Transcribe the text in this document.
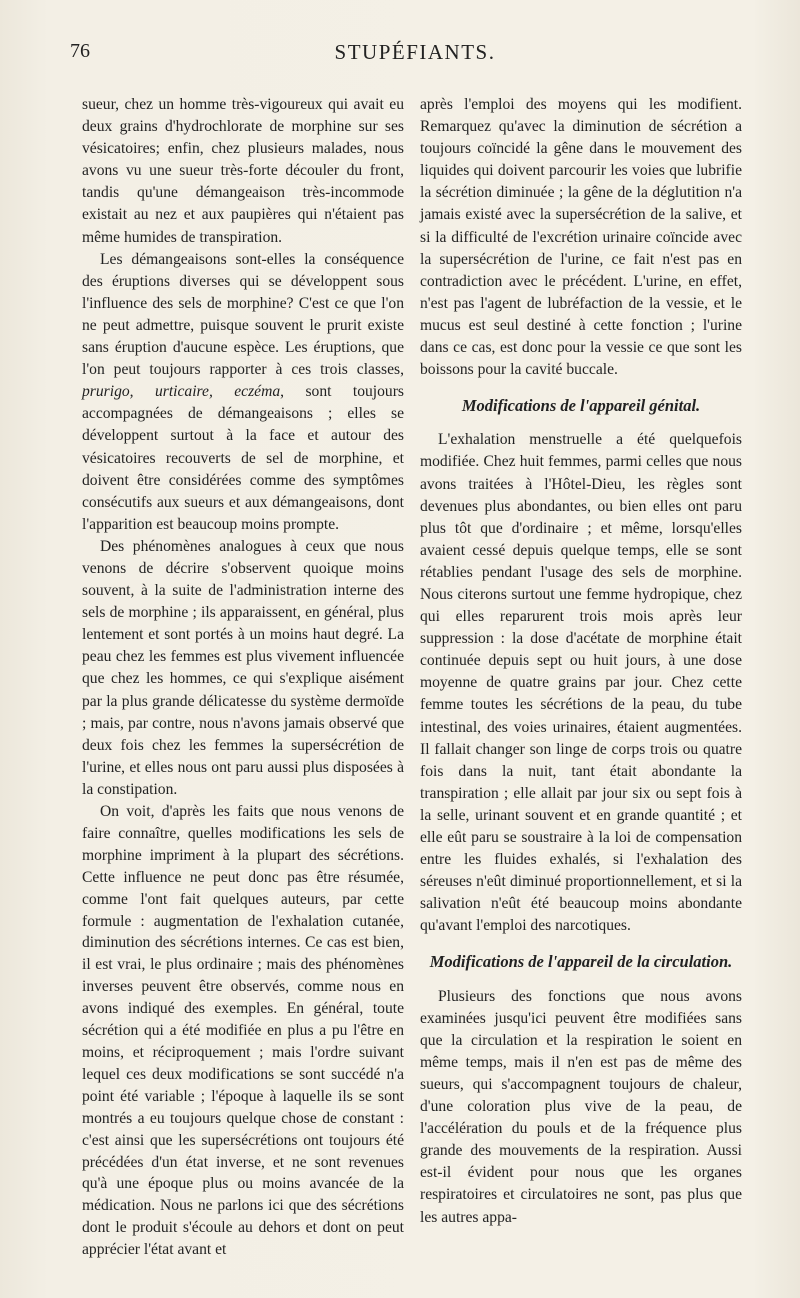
76	STUPÉFIANTS.

sueur, chez un homme très-vigoureux qui avait eu deux grains d'hydrochlorate de morphine sur ses vésicatoires; enfin, chez plusieurs malades, nous avons vu une sueur très-forte découler du front, tandis qu'une démangeaison très-incommode existait au nez et aux paupières qui n'étaient pas même humides de transpiration.

Les démangeaisons sont-elles la conséquence des éruptions diverses qui se développent sous l'influence des sels de morphine? C'est ce que l'on ne peut admettre, puisque souvent le prurit existe sans éruption d'aucune espèce. Les éruptions, que l'on peut toujours rapporter à ces trois classes, prurigo, urticaire, eczéma, sont toujours accompagnées de démangeaisons ; elles se développent surtout à la face et autour des vésicatoires recouverts de sel de morphine, et doivent être considérées comme des symptômes consécutifs aux sueurs et aux démangeaisons, dont l'apparition est beaucoup moins prompte.

Des phénomènes analogues à ceux que nous venons de décrire s'observent quoique moins souvent, à la suite de l'administration interne des sels de morphine ; ils apparaissent, en général, plus lentement et sont portés à un moins haut degré. La peau chez les femmes est plus vivement influencée que chez les hommes, ce qui s'explique aisément par la plus grande délicatesse du système dermoïde ; mais, par contre, nous n'avons jamais observé que deux fois chez les femmes la supersécrétion de l'urine, et elles nous ont paru aussi plus disposées à la constipation.

On voit, d'après les faits que nous venons de faire connaître, quelles modifications les sels de morphine impriment à la plupart des sécrétions. Cette influence ne peut donc pas être résumée, comme l'ont fait quelques auteurs, par cette formule : augmentation de l'exhalation cutanée, diminution des sécrétions internes. Ce cas est bien, il est vrai, le plus ordinaire ; mais des phénomènes inverses peuvent être observés, comme nous en avons indiqué des exemples. En général, toute sécrétion qui a été modifiée en plus a pu l'être en moins, et réciproquement ; mais l'ordre suivant lequel ces deux modifications se sont succédé n'a point été variable ; l'époque à laquelle ils se sont montrés a eu toujours quelque chose de constant : c'est ainsi que les supersécrétions ont toujours été précédées d'un état inverse, et ne sont revenues qu'à une époque plus ou moins avancée de la médication. Nous ne parlons ici que des sécrétions dont le produit s'écoule au dehors et dont on peut apprécier l'état avant et

après l'emploi des moyens qui les modifient. Remarquez qu'avec la diminution de sécrétion a toujours coïncidé la gêne dans le mouvement des liquides qui doivent parcourir les voies que lubrifie la sécrétion diminuée ; la gêne de la déglutition n'a jamais existé avec la supersécrétion de la salive, et si la difficulté de l'excrétion urinaire coïncide avec la supersécrétion de l'urine, ce fait n'est pas en contradiction avec le précédent. L'urine, en effet, n'est pas l'agent de lubréfaction de la vessie, et le mucus est seul destiné à cette fonction ; l'urine dans ce cas, est donc pour la vessie ce que sont les boissons pour la cavité buccale.

Modifications de l'appareil génital.

L'exhalation menstruelle a été quelquefois modifiée. Chez huit femmes, parmi celles que nous avons traitées à l'Hôtel-Dieu, les règles sont devenues plus abondantes, ou bien elles ont paru plus tôt que d'ordinaire ; et même, lorsqu'elles avaient cessé depuis quelque temps, elle se sont rétablies pendant l'usage des sels de morphine. Nous citerons surtout une femme hydropique, chez qui elles reparurent trois mois après leur suppression : la dose d'acétate de morphine était continuée depuis sept ou huit jours, à une dose moyenne de quatre grains par jour. Chez cette femme toutes les sécrétions de la peau, du tube intestinal, des voies urinaires, étaient augmentées. Il fallait changer son linge de corps trois ou quatre fois dans la nuit, tant était abondante la transpiration ; elle allait par jour six ou sept fois à la selle, urinant souvent et en grande quantité ; et elle eût paru se soustraire à la loi de compensation entre les fluides exhalés, si l'exhalation des séreuses n'eût diminué proportionnellement, et si la salivation n'eût été beaucoup moins abondante qu'avant l'emploi des narcotiques.

Modifications de l'appareil de la circulation.

Plusieurs des fonctions que nous avons examinées jusqu'ici peuvent être modifiées sans que la circulation et la respiration le soient en même temps, mais il n'en est pas de même des sueurs, qui s'accompagnent toujours de chaleur, d'une coloration plus vive de la peau, de l'accélération du pouls et de la fréquence plus grande des mouvements de la respiration. Aussi est-il évident pour nous que les organes respiratoires et circulatoires ne sont, pas plus que les autres appa-
